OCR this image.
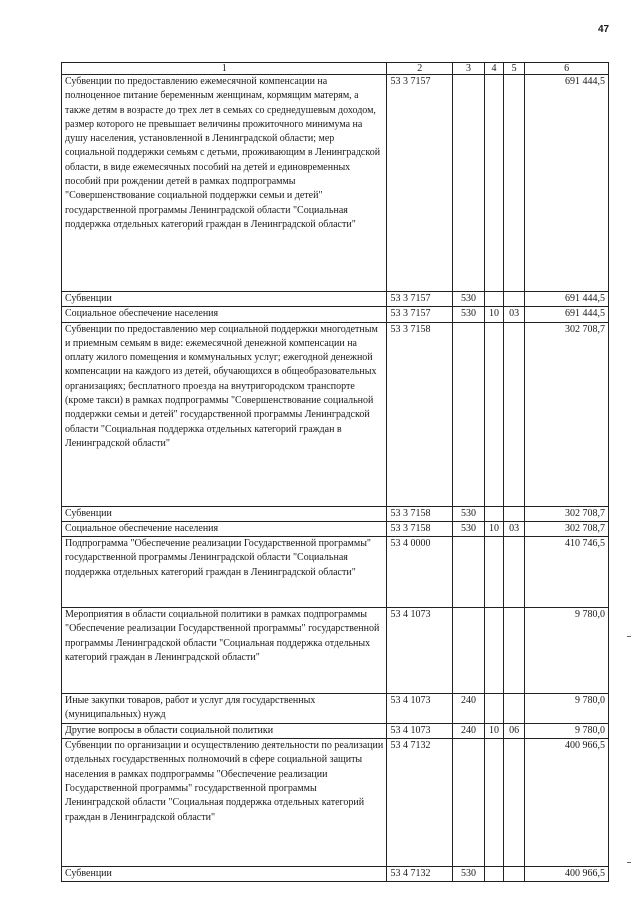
47
1	2	3	4	5	6
Субвенции по предоставлению ежемесячной компенсации на полноценное питание беременным женщинам, кормящим матерям, а также детям в возрасте до трех лет в семьях со среднедушевым доходом, размер которого не превышает величины прожиточного минимума на душу населения, установленной в Ленинградской области; мер социальной поддержки семьям с детьми, проживающим в Ленинградской области, в виде ежемесячных пособий на детей и единовременных пособий при рождении детей в рамках подпрограммы "Совершенствование социальной поддержки семьи и детей" государственной программы Ленинградской области "Социальная поддержка отдельных категорий граждан в Ленинградской области"	53 3 7157				691 444,5
Субвенции	53 3 7157	530			691 444,5
Социальное обеспечение населения	53 3 7157	530	10	03	691 444,5
Субвенции по предоставлению мер социальной поддержки многодетным и приемным семьям в виде: ежемесячной денежной компенсации на оплату жилого помещения и коммунальных услуг; ежегодной денежной компенсации на каждого из детей, обучающихся в общеобразовательных организациях; бесплатного проезда на внутригородском транспорте (кроме такси) в рамках подпрограммы "Совершенствование социальной поддержки семьи и детей" государственной программы Ленинградской области "Социальная поддержка отдельных категорий граждан в Ленинградской области"	53 3 7158				302 708,7
Субвенции	53 3 7158	530			302 708,7
Социальное обеспечение населения	53 3 7158	530	10	03	302 708,7
Подпрограмма "Обеспечение реализации Государственной программы" государственной программы Ленинградской области "Социальная поддержка отдельных категорий граждан в Ленинградской области"	53 4 0000				410 746,5
Мероприятия в области социальной политики в рамках подпрограммы "Обеспечение реализации Государственной программы" государственной программы Ленинградской области "Социальная поддержка отдельных категорий граждан в Ленинградской области"	53 4 1073				9 780,0
Иные закупки товаров, работ и услуг для государственных (муниципальных) нужд	53 4 1073	240			9 780,0
Другие вопросы в области социальной политики	53 4 1073	240	10	06	9 780,0
Субвенции по организации и осуществлению деятельности по реализации отдельных государственных полномочий в сфере социальной защиты населения в рамках подпрограммы "Обеспечение реализации Государственной программы" государственной программы Ленинградской области "Социальная поддержка отдельных категорий граждан в Ленинградской области"	53 4 7132				400 966,5
Субвенции	53 4 7132	530			400 966,5
